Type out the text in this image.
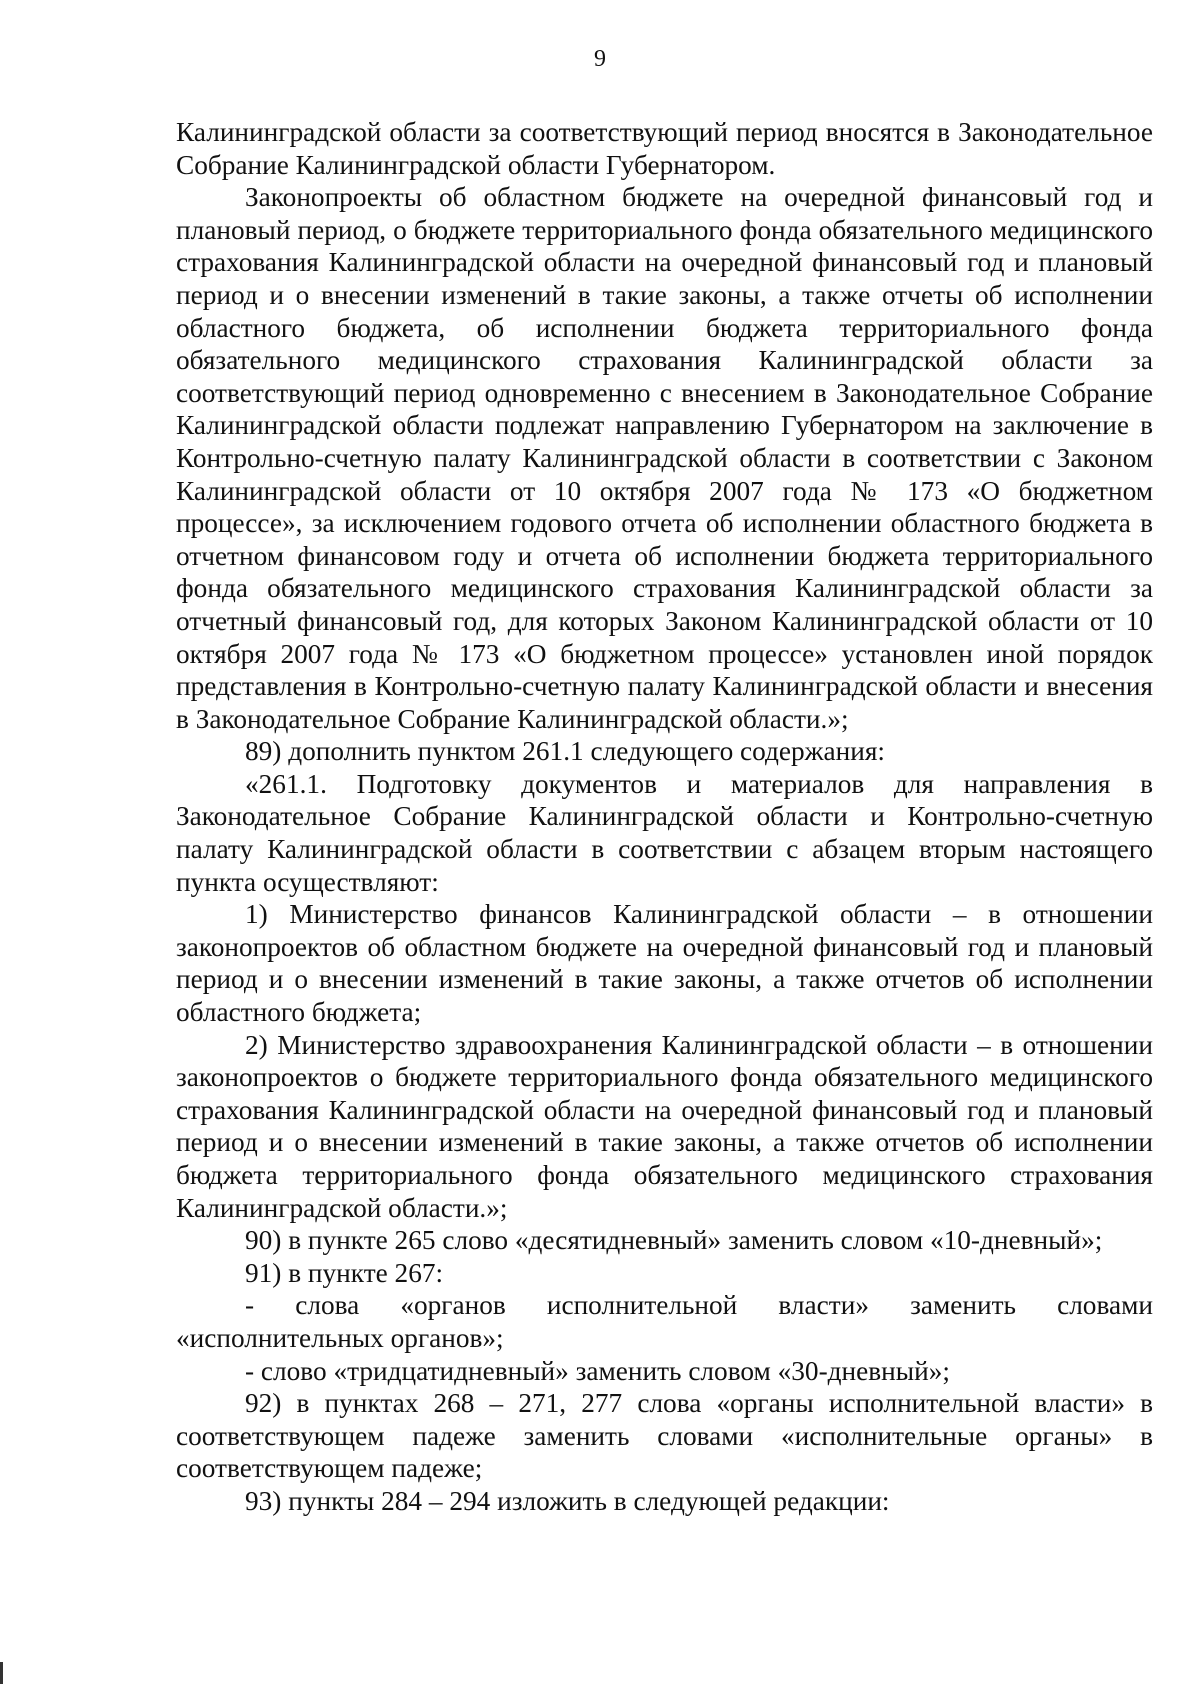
9

Калининградской области за соответствующий период вносятся в Законодательное Собрание Калининградской области Губернатором.

Законопроекты об областном бюджете на очередной финансовый год и плановый период, о бюджете территориального фонда обязательного медицинского страхования Калининградской области на очередной финансовый год и плановый период и о внесении изменений в такие законы, а также отчеты об исполнении областного бюджета, об исполнении бюджета территориального фонда обязательного медицинского страхования Калининградской области за соответствующий период одновременно с внесением в Законодательное Собрание Калининградской области подлежат направлению Губернатором на заключение в Контрольно-счетную палату Калининградской области в соответствии с Законом Калининградской области от 10 октября 2007 года № 173 «О бюджетном процессе», за исключением годового отчета об исполнении областного бюджета в отчетном финансовом году и отчета об исполнении бюджета территориального фонда обязательного медицинского страхования Калининградской области за отчетный финансовый год, для которых Законом Калининградской области от 10 октября 2007 года № 173 «О бюджетном процессе» установлен иной порядок представления в Контрольно-счетную палату Калининградской области и внесения в Законодательное Собрание Калининградской области.»;

89) дополнить пунктом 261.1 следующего содержания:

«261.1. Подготовку документов и материалов для направления в Законодательное Собрание Калининградской области и Контрольно-счетную палату Калининградской области в соответствии с абзацем вторым настоящего пункта осуществляют:

1) Министерство финансов Калининградской области – в отношении законопроектов об областном бюджете на очередной финансовый год и плановый период и о внесении изменений в такие законы, а также отчетов об исполнении областного бюджета;

2) Министерство здравоохранения Калининградской области – в отношении законопроектов о бюджете территориального фонда обязательного медицинского страхования Калининградской области на очередной финансовый год и плановый период и о внесении изменений в такие законы, а также отчетов об исполнении бюджета территориального фонда обязательного медицинского страхования Калининградской области.»;

90) в пункте 265 слово «десятидневный» заменить словом «10-дневный»;

91) в пункте 267:

- слова «органов исполнительной власти» заменить словами «исполнительных органов»;

- слово «тридцатидневный» заменить словом «30-дневный»;

92) в пунктах 268 – 271, 277 слова «органы исполнительной власти» в соответствующем падеже заменить словами «исполнительные органы» в соответствующем падеже;

93) пункты 284 – 294 изложить в следующей редакции:
